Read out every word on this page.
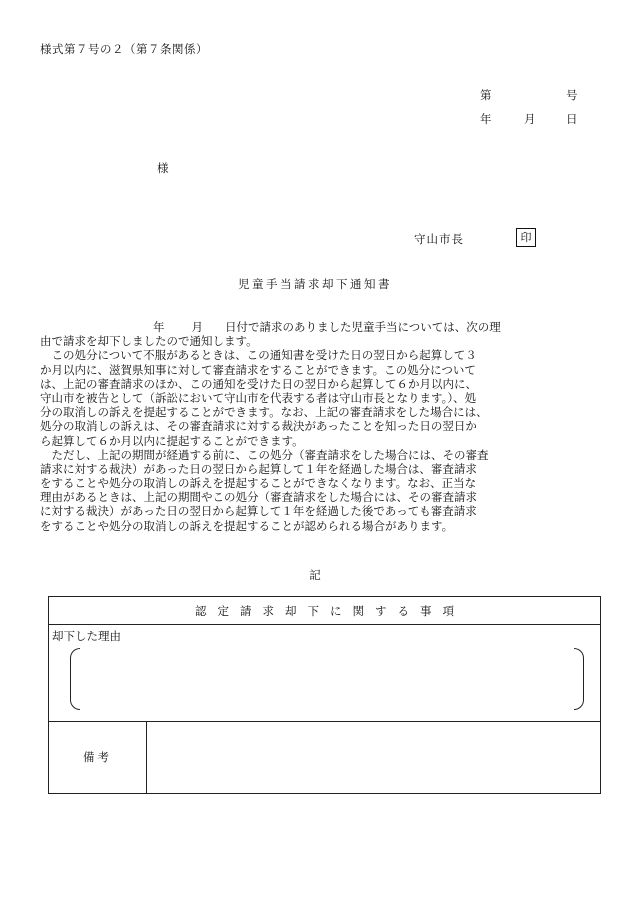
様式第７号の２（第７条関係）
第	号
年	月	日
様
守山市長	印
児童手当請求却下通知書
年 月 日付で請求のありました児童手当については、次の理
由で請求を却下しましたので通知します。
　この処分について不服があるときは、この通知書を受けた日の翌日から起算して３
か月以内に、滋賀県知事に対して審査請求をすることができます。この処分について
は、上記の審査請求のほか、この通知を受けた日の翌日から起算して６か月以内に、
守山市を被告として（訴訟において守山市を代表する者は守山市長となります。）、処
分の取消しの訴えを提起することができます。なお、上記の審査請求をした場合には、
処分の取消しの訴えは、その審査請求に対する裁決があったことを知った日の翌日か
ら起算して６か月以内に提起することができます。
　ただし、上記の期間が経過する前に、この処分（審査請求をした場合には、その審査
請求に対する裁決）があった日の翌日から起算して１年を経過した場合は、審査請求
をすることや処分の取消しの訴えを提起することができなくなります。なお、正当な
理由があるときは、上記の期間やこの処分（審査請求をした場合には、その審査請求
に対する裁決）があった日の翌日から起算して１年を経過した後であっても審査請求
をすることや処分の取消しの訴えを提起することが認められる場合があります。
記
認定請求却下に関する事項
却下した理由
備考
